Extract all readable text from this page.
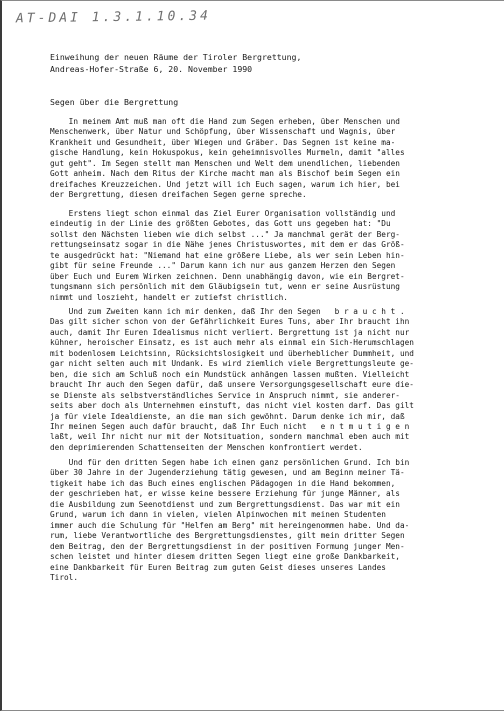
AT-DAI 1.3.1.10.34
Einweihung der neuen Räume der Tiroler Bergrettung,
Andreas-Hofer-Straße 6, 20. November 1990
Segen über die Bergrettung
In meinem Amt muß man oft die Hand zum Segen erheben, über Menschen und
Menschenwerk, über Natur und Schöpfung, über Wissenschaft und Wagnis, über
Krankheit und Gesundheit, über Wiegen und Gräber. Das Segnen ist keine ma-
gische Handlung, kein Hokuspokus, kein geheimnisvolles Murmeln, damit "alles
gut geht". Im Segen stellt man Menschen und Welt dem unendlichen, liebenden
Gott anheim. Nach dem Ritus der Kirche macht man als Bischof beim Segen ein
dreifaches Kreuzzeichen. Und jetzt will ich Euch sagen, warum ich hier, bei
der Bergrettung, diesen dreifachen Segen gerne spreche.
Erstens liegt schon einmal das Ziel Eurer Organisation vollständig und
eindeutig in der Linie des größten Gebotes, das Gott uns gegeben hat: "Du
sollst den Nächsten lieben wie dich selbst ..." Ja manchmal gerät der Berg-
rettungseinsatz sogar in die Nähe jenes Christuswortes, mit dem er das Größ-
te ausgedrückt hat: "Niemand hat eine größere Liebe, als wer sein Leben hin-
gibt für seine Freunde ..." Darum kann ich nur aus ganzem Herzen den Segen
über Euch und Eurem Wirken zeichnen. Denn unabhängig davon, wie ein Bergret-
tungsmann sich persönlich mit dem Gläubigsein tut, wenn er seine Ausrüstung
nimmt und loszieht, handelt er zutiefst christlich.
Und zum Zweiten kann ich mir denken, daß Ihr den Segen   b r a u c h t .
Das gilt sicher schon von der Gefährlichkeit Eures Tuns, aber Ihr braucht ihn
auch, damit Ihr Euren Idealismus nicht verliert. Bergrettung ist ja nicht nur
kühner, heroischer Einsatz, es ist auch mehr als einmal ein Sich-Herumschlagen
mit bodenlosem Leichtsinn, Rücksichtslosigkeit und überheblicher Dummheit, und
gar nicht selten auch mit Undank. Es wird ziemlich viele Bergrettungsleute ge-
ben, die sich am Schluß noch ein Mundstück anhängen lassen mußten. Vielleicht
braucht Ihr auch den Segen dafür, daß unsere Versorgungsgesellschaft eure die-
se Dienste als selbstverständliches Service in Anspruch nimmt, sie anderer-
seits aber doch als Unternehmen einstuft, das nicht viel kosten darf. Das gilt
ja für viele Idealdienste, an die man sich gewöhnt. Darum denke ich mir, daß
Ihr meinen Segen auch dafür braucht, daß Ihr Euch nicht   e n t m u t i g e n
laßt, weil Ihr nicht nur mit der Notsituation, sondern manchmal eben auch mit
den deprimierenden Schattenseiten der Menschen konfrontiert werdet.
Und für den dritten Segen habe ich einen ganz persönlichen Grund. Ich bin
über 30 Jahre in der Jugenderziehung tätig gewesen, und am Beginn meiner Tä-
tigkeit habe ich das Buch eines englischen Pädagogen in die Hand bekommen,
der geschrieben hat, er wisse keine bessere Erziehung für junge Männer, als
die Ausbildung zum Seenotdienst und zum Bergrettungsdienst. Das war mit ein
Grund, warum ich dann in vielen, vielen Alpinwochen mit meinen Studenten
immer auch die Schulung für "Helfen am Berg" mit hereingenommen habe. Und da-
rum, liebe Verantwortliche des Bergrettungsdienstes, gilt mein dritter Segen
dem Beitrag, den der Bergrettungsdienst in der positiven Formung junger Men-
schen leistet und hinter diesem dritten Segen liegt eine große Dankbarkeit,
eine Dankbarkeit für Euren Beitrag zum guten Geist dieses unseres Landes
Tirol.
